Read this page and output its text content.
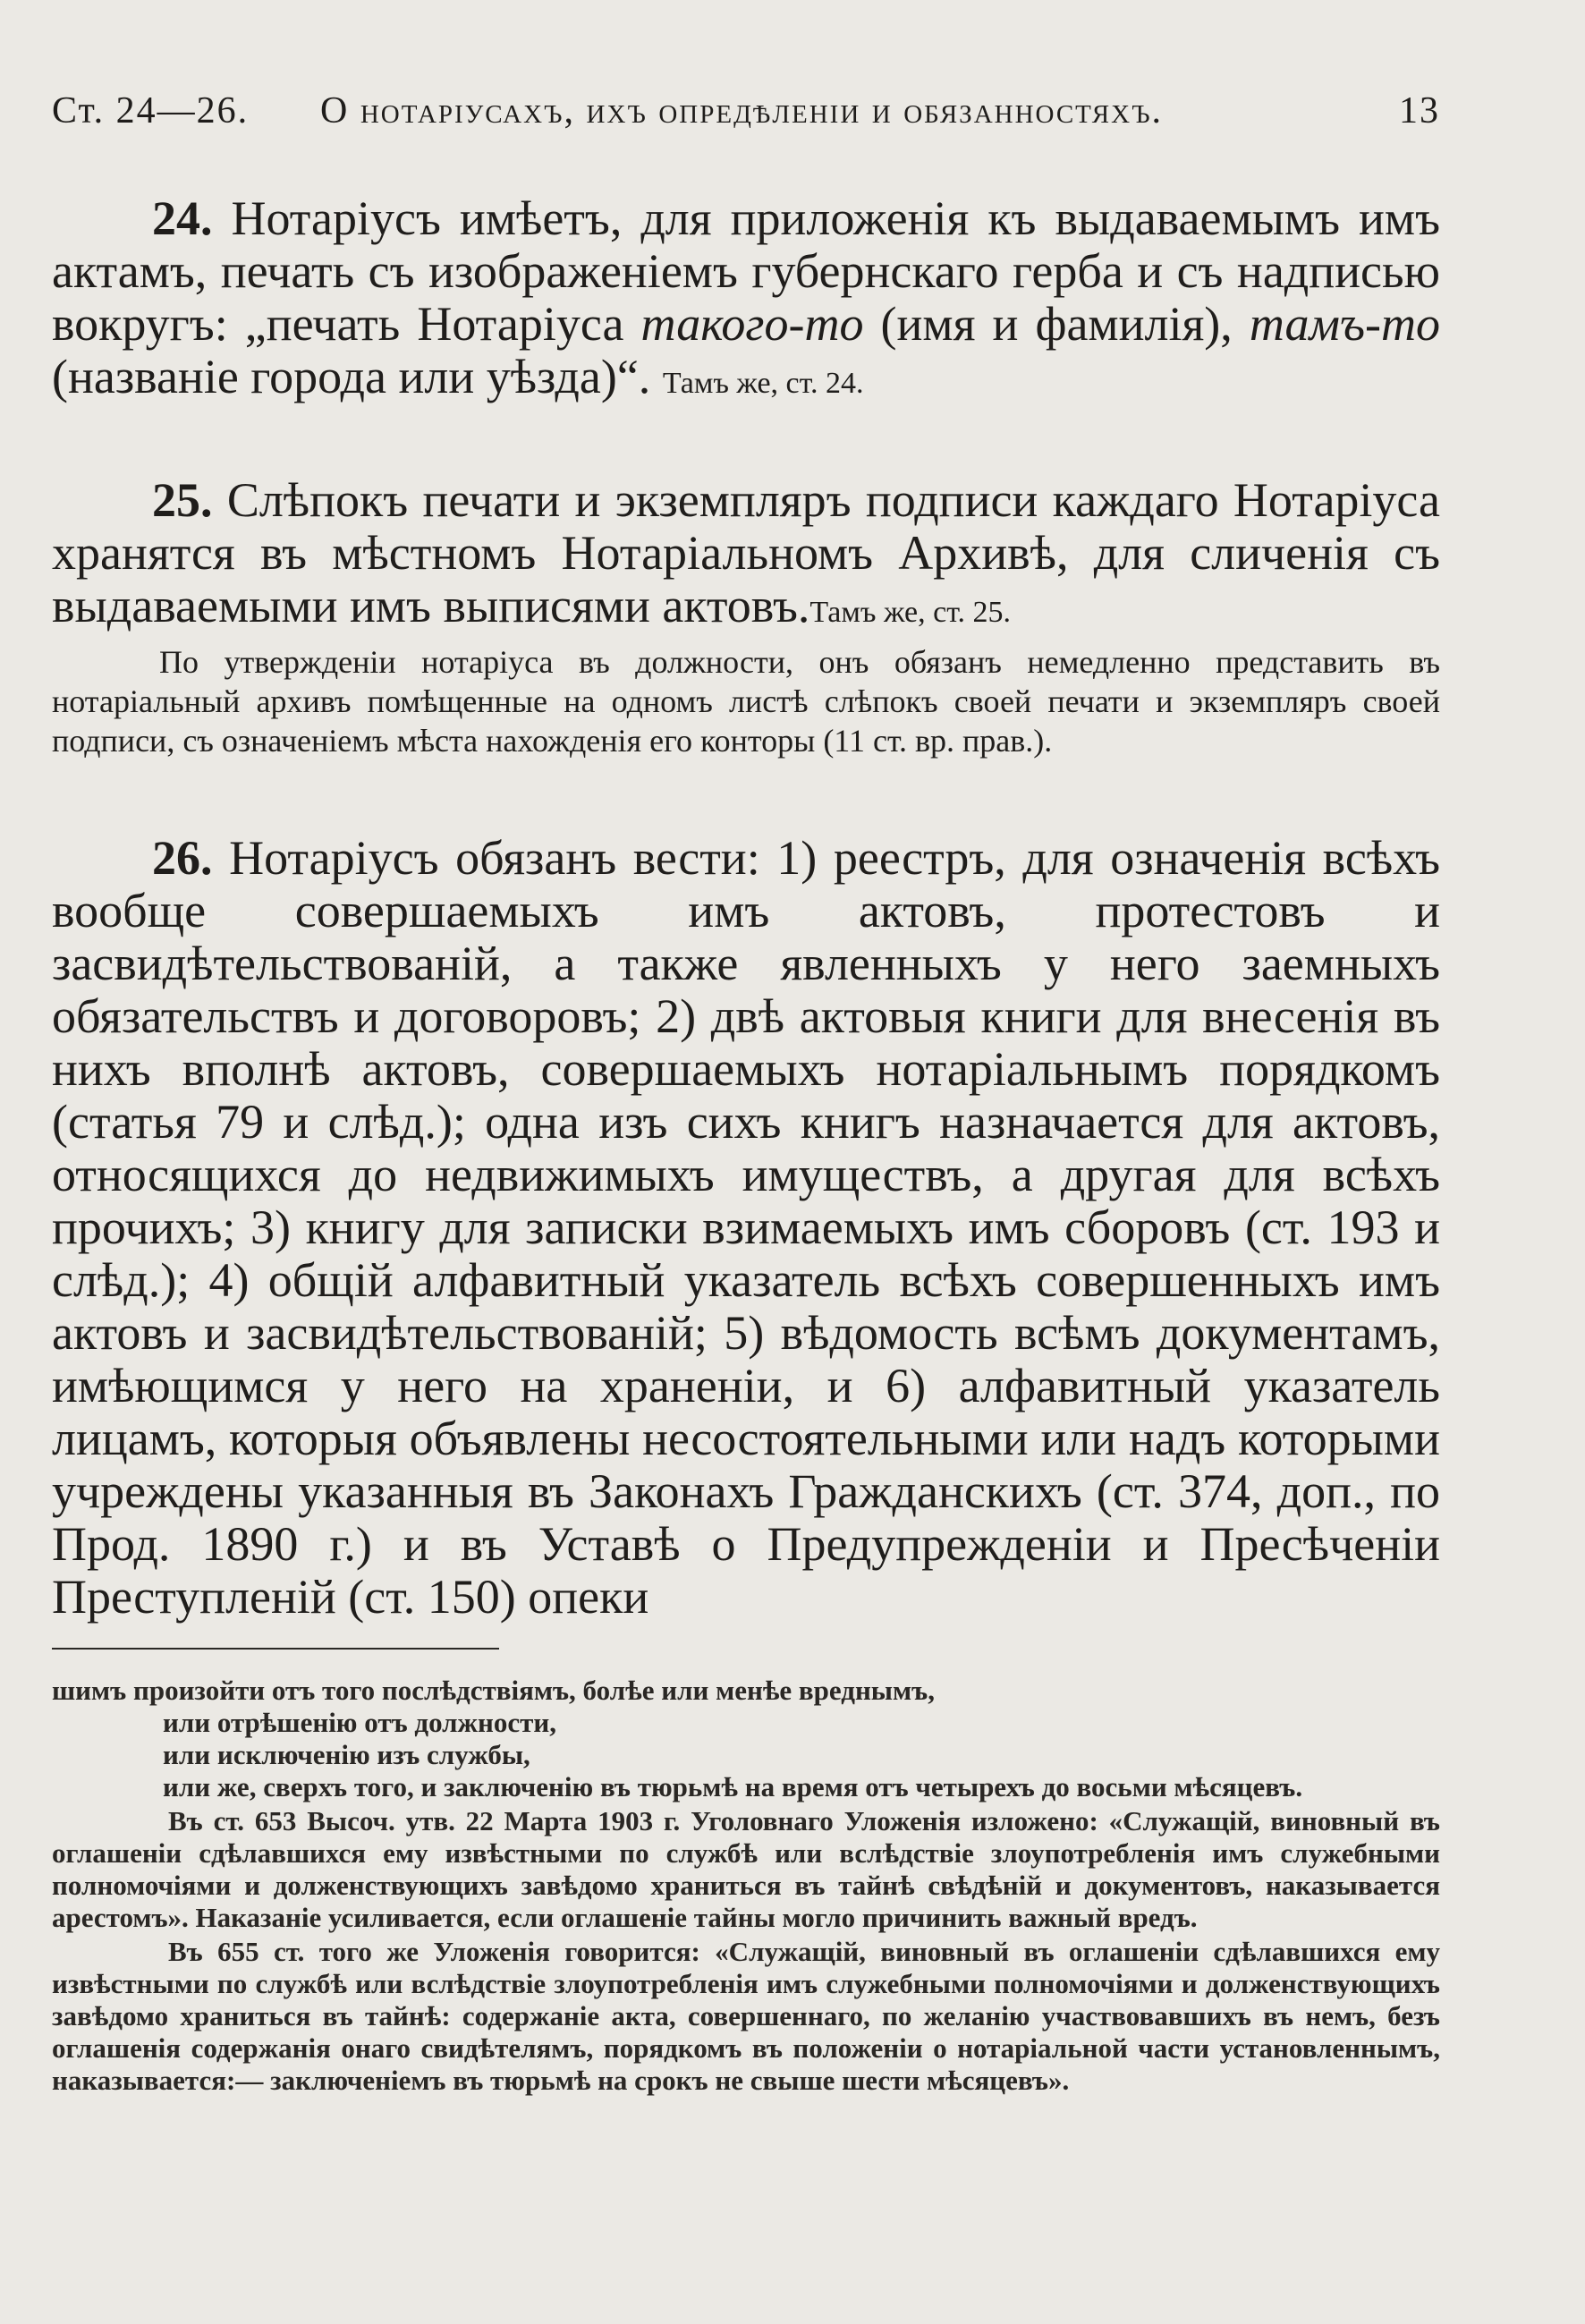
Ст. 24—26. О нотаріусахъ, ихъ опредѣленіи и обязанностяхъ.	13

24. Нотаріусъ имѣетъ, для приложенія къ выдаваемымъ имъ актамъ, печать съ изображеніемъ губернскаго герба и съ надписью вокругъ: „печать Нотаріуса такого-то (имя и фамилія), тамъ-то (названіе города или уѣзда)“. Тамъ же, ст. 24.

25. Слѣпокъ печати и экземпляръ подписи каждаго Нотаріуса хранятся въ мѣстномъ Нотаріальномъ Архивѣ, для сличенія съ выдаваемыми имъ выписями актовъ.Тамъ же, ст. 25.

По утвержденіи нотаріуса въ должности, онъ обязанъ немедленно представить въ нотаріальный архивъ помѣщенные на одномъ листѣ слѣпокъ своей печати и экземпляръ своей подписи, съ означеніемъ мѣста нахожденія его конторы (11 ст. вр. прав.).

26. Нотаріусъ обязанъ вести: 1) реестръ, для означенія всѣхъ вообще совершаемыхъ имъ актовъ, протестовъ и засвидѣтельствованій, а также явленныхъ у него заемныхъ обязательствъ и договоровъ; 2) двѣ актовыя книги для внесенія въ нихъ вполнѣ актовъ, совершаемыхъ нотаріальнымъ порядкомъ (статья 79 и слѣд.); одна изъ сихъ книгъ назначается для актовъ, относящихся до недвижимыхъ имуществъ, а другая для всѣхъ прочихъ; 3) книгу для записки взимаемыхъ имъ сборовъ (ст. 193 и слѣд.); 4) общій алфавитный указатель всѣхъ совершенныхъ имъ актовъ и засвидѣтельствованій; 5) вѣдомость всѣмъ документамъ, имѣющимся у него на храненіи, и 6) алфавитный указатель лицамъ, которыя объявлены несостоятельными или надъ которыми учреждены указанныя въ Законахъ Гражданскихъ (ст. 374, доп., по Прод. 1890 г.) и въ Уставѣ о Предупрежденіи и Пресѣченіи Преступленій (ст. 150) опеки

шимъ произойти отъ того послѣдствіямъ, болѣе или менѣе вреднымъ,

или отрѣшенію отъ должности,

или исключенію изъ службы,

или же, сверхъ того, и заключенію въ тюрьмѣ на время отъ четырехъ до восьми мѣсяцевъ.

Въ ст. 653 Высоч. утв. 22 Марта 1903 г. Уголовнаго Уложенія изложено: «Служащій, виновный въ оглашеніи сдѣлавшихся ему извѣстными по службѣ или вслѣдствіе злоупотребленія имъ служебными полномочіями и долженствующихъ завѣдомо храниться въ тайнѣ свѣдѣній и документовъ, наказывается арестомъ». Наказаніе усиливается, если оглашеніе тайны могло причинить важный вредъ.

Въ 655 ст. того же Уложенія говорится: «Служащій, виновный въ оглашеніи сдѣлавшихся ему извѣстными по службѣ или вслѣдствіе злоупотребленія имъ служебными полномочіями и долженствующихъ завѣдомо храниться въ тайнѣ: содержаніе акта, совершеннаго, по желанію участвовавшихъ въ немъ, безъ оглашенія содержанія онаго свидѣтелямъ, порядкомъ въ положеніи о нотаріальной части установленнымъ, наказывается:— заключеніемъ въ тюрьмѣ на срокъ не свыше шести мѣсяцевъ».
